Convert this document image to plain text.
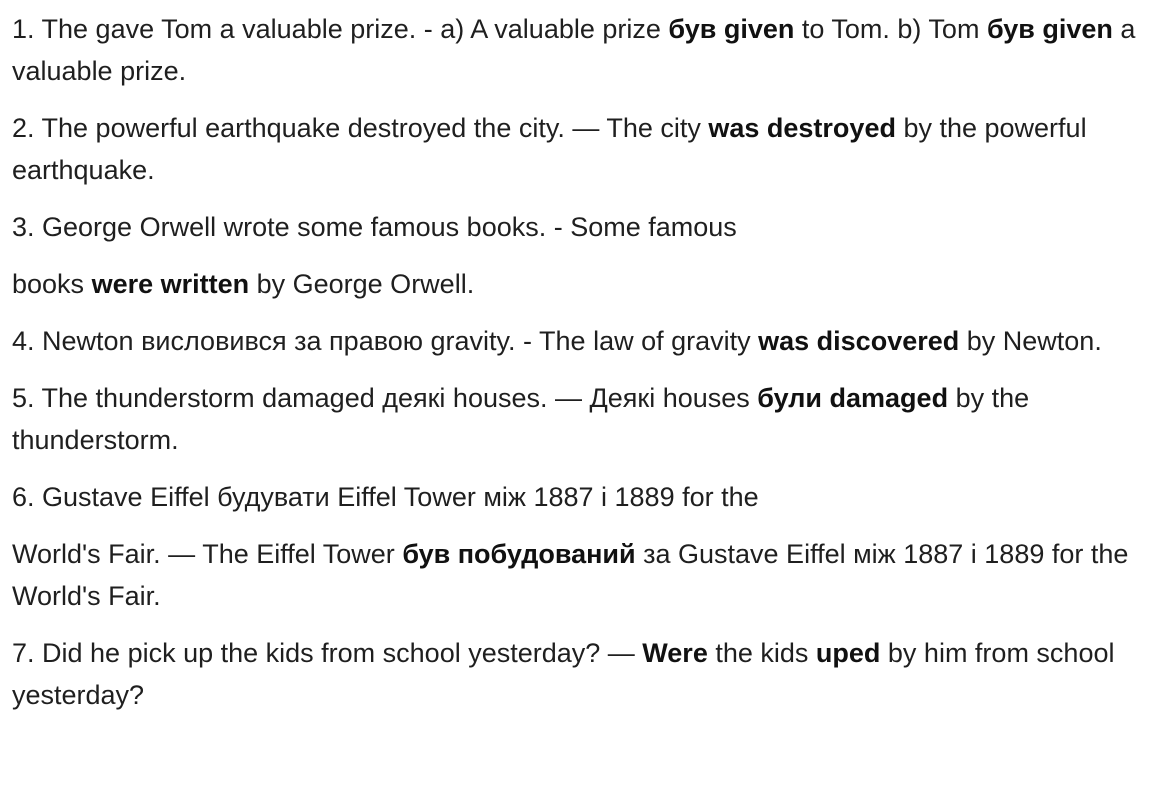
1. The gave Tom a valuable prize. - a) A valuable prize був given to Tom. b) Tom був given a valuable prize.

2. The powerful earthquake destroyed the city. — The city was destroyed by the powerful earthquake.

3. George Orwell wrote some famous books. - Some famous

books were written by George Orwell.

4. Newton висловився за правою gravity. - The law of gravity was discovered by Newton.

5. The thunderstorm damaged деякі houses. — Деякі houses були damaged by the thunderstorm.

6. Gustave Eiffel будувати Eiffel Tower між 1887 і 1889 for the

World's Fair. — The Eiffel Tower був побудований за Gustave Eiffel між 1887 і 1889 for the World's Fair.

7. Did he pick up the kids from school yesterday? — Were the kids uped by him from school yesterday?
